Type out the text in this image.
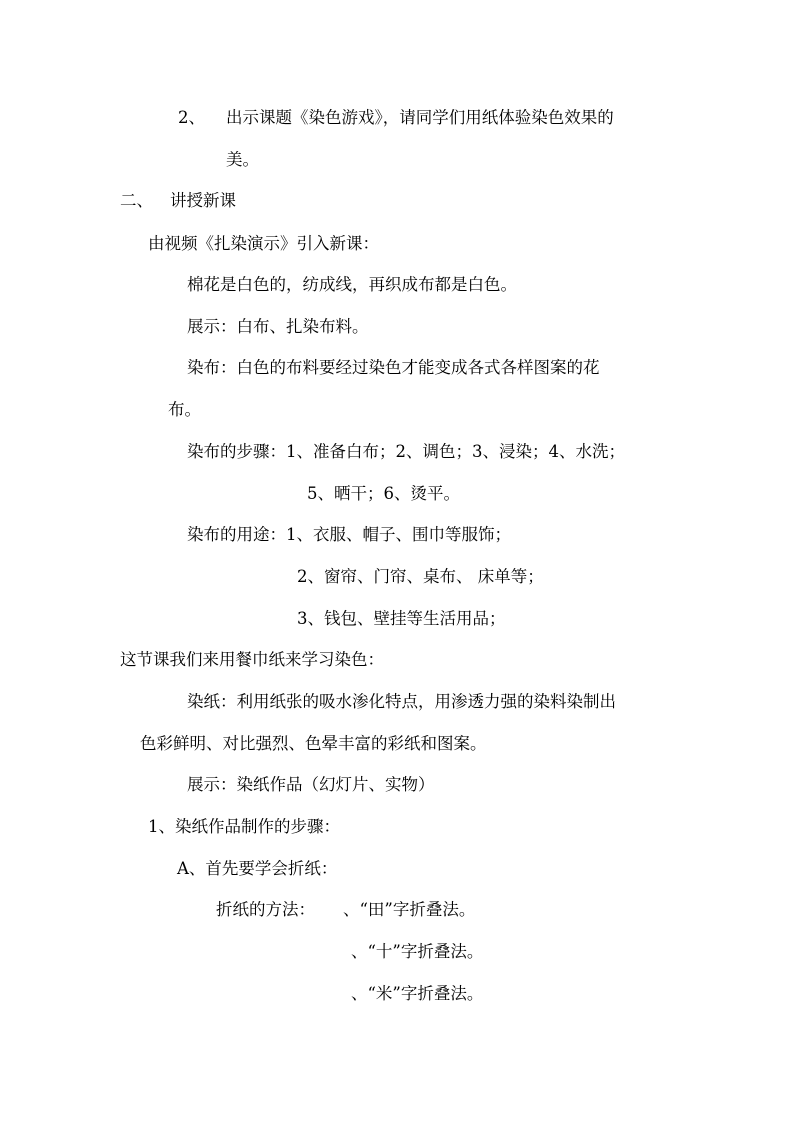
2、 出示课题《染色游戏》，请同学们用纸体验染色效果的
美。
二、 讲授新课
由视频《扎染演示》引入新课：
棉花是白色的，纺成线，再织成布都是白色。
展示：白布、扎染布料。
染布：白色的布料要经过染色才能变成各式各样图案的花
布。
染布的步骤：1、准备白布；2、调色；3、浸染；4、水洗；
5、晒干；6、烫平。
染布的用途：1、衣服、帽子、围巾等服饰；
2、窗帘、门帘、桌布、 床单等；
3、钱包、壁挂等生活用品；
这节课我们来用餐巾纸来学习染色：
染纸：利用纸张的吸水渗化特点，用渗透力强的染料染制出
色彩鲜明、对比强烈、色晕丰富的彩纸和图案。
展示：染纸作品（幻灯片、实物）
1、染纸作品制作的步骤：
A、首先要学会折纸：
折纸的方法： 、“田”字折叠法。
、“十”字折叠法。
、“米”字折叠法。
